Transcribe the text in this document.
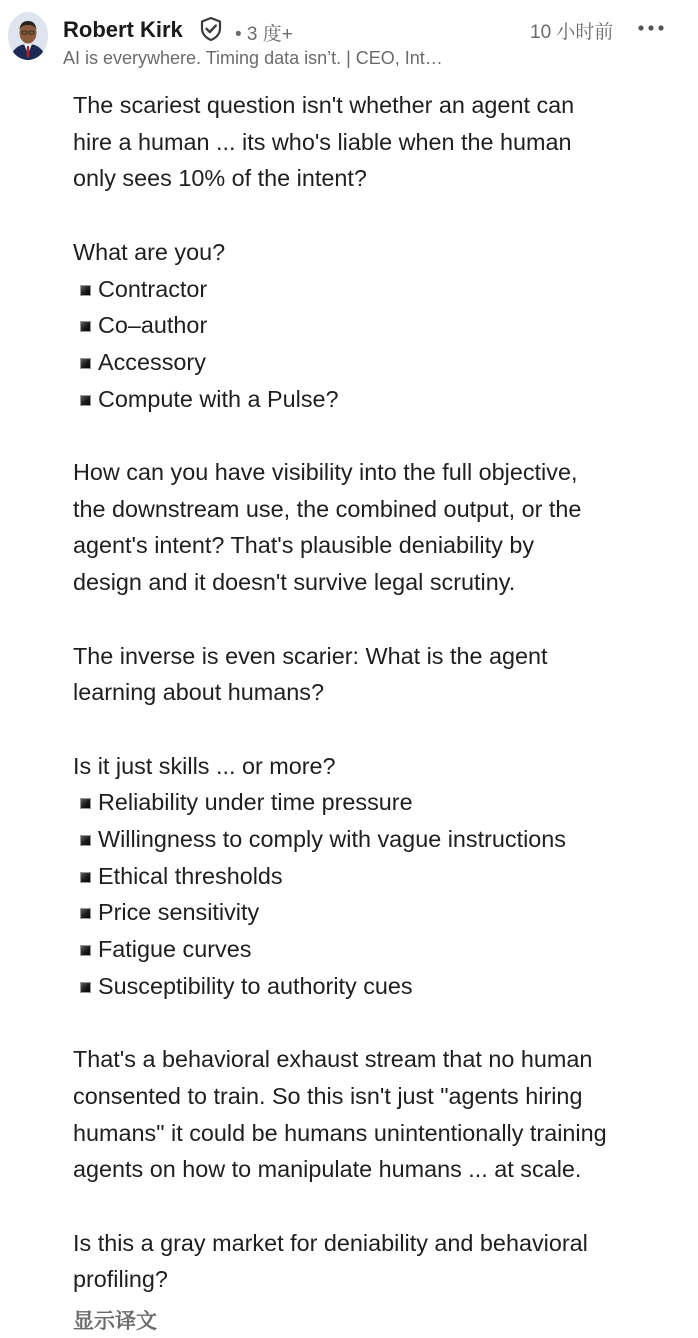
Robert Kirk	• 3 度+	10 小时前
AI is everywhere. Timing data isn’t. | CEO, Int…

The scariest question isn't whether an agent can
hire a human ... its who's liable when the human
only sees 10% of the intent?

What are you?

Contractor
Co–author
Accessory
Compute with a Pulse?

How can you have visibility into the full objective,
the downstream use, the combined output, or the
agent's intent? That's plausible deniability by
design and it doesn't survive legal scrutiny.

The inverse is even scarier: What is the agent
learning about humans?

Is it just skills ... or more?

Reliability under time pressure
Willingness to comply with vague instructions
Ethical thresholds
Price sensitivity
Fatigue curves
Susceptibility to authority cues

That's a behavioral exhaust stream that no human
consented to train. So this isn't just "agents hiring
humans" it could be humans unintentionally training
agents on how to manipulate humans ... at scale.

Is this a gray market for deniability and behavioral
profiling?

显示译文
